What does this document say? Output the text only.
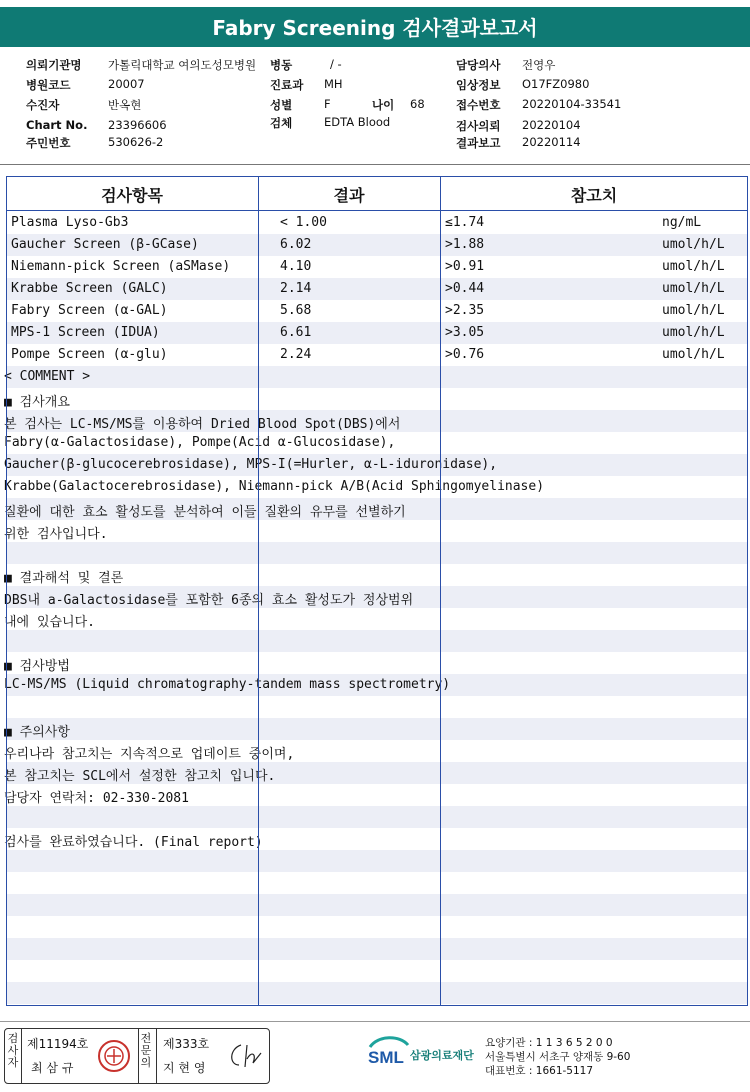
Fabry Screening 검사결과보고서
의뢰기관명 가톨릭대학교 여의도성모병원
병원코드	20007
수진자	반옥현
Chart No. 23396606
주민번호	530626-2
병동	/ -
진료과 MH
성별	F	나이 68
검체	EDTA Blood
담당의사 전영우
임상정보 O17FZ0980
접수번호 20220104-33541
검사의뢰 20220104
결과보고 20220114
Plasma Lyso-Gb3	< 1.00	≤1.74	ng/mL
Gaucher Screen (β-GCase)	6.02	>1.88	umol/h/L
Niemann-pick Screen (aSMase)	4.10	>0.91	umol/h/L
Krabbe Screen (GALC)	2.14	>0.44	umol/h/L
Fabry Screen (α-GAL)	5.68	>2.35	umol/h/L
MPS-1 Screen (IDUA)	6.61	>3.05	umol/h/L
Pompe Screen (α-glu)	2.24	>0.76	umol/h/L
< COMMENT >
■ 검사개요
본 검사는 LC-MS/MS를 이용하여 Dried Blood Spot(DBS)에서
Fabry(α-Galactosidase), Pompe(Acid α-Glucosidase),
Gaucher(β-glucocerebrosidase), MPS-I(=Hurler, α-L-iduronidase),
Krabbe(Galactocerebrosidase), Niemann-pick A/B(Acid Sphingomyelinase)
질환에 대한 효소 활성도를 분석하여 이들 질환의 유무를 선별하기
위한 검사입니다.
■ 결과해석 및 결론
DBS내 a-Galactosidase를 포함한 6종의 효소 활성도가 정상범위
내에 있습니다.
■ 검사방법
LC-MS/MS (Liquid chromatography-tandem mass spectrometry)
■ 주의사항
우리나라 참고치는 지속적으로 업데이트 중이며,
본 참고치는 SCL에서 설정한 참고치 입니다.
담당자 연락처: 02-330-2081
검사를 완료하였습니다. (Final report)
검사항목	결과	참고치
검사자
제11194호
최 삼 규
전문의
제333호
지 현 영
SML 삼광의료재단
요양기관 : 1 1 3 6 5 2 0 0
서울특별시 서초구 양재동 9-60
대표번호 : 1661-5117
